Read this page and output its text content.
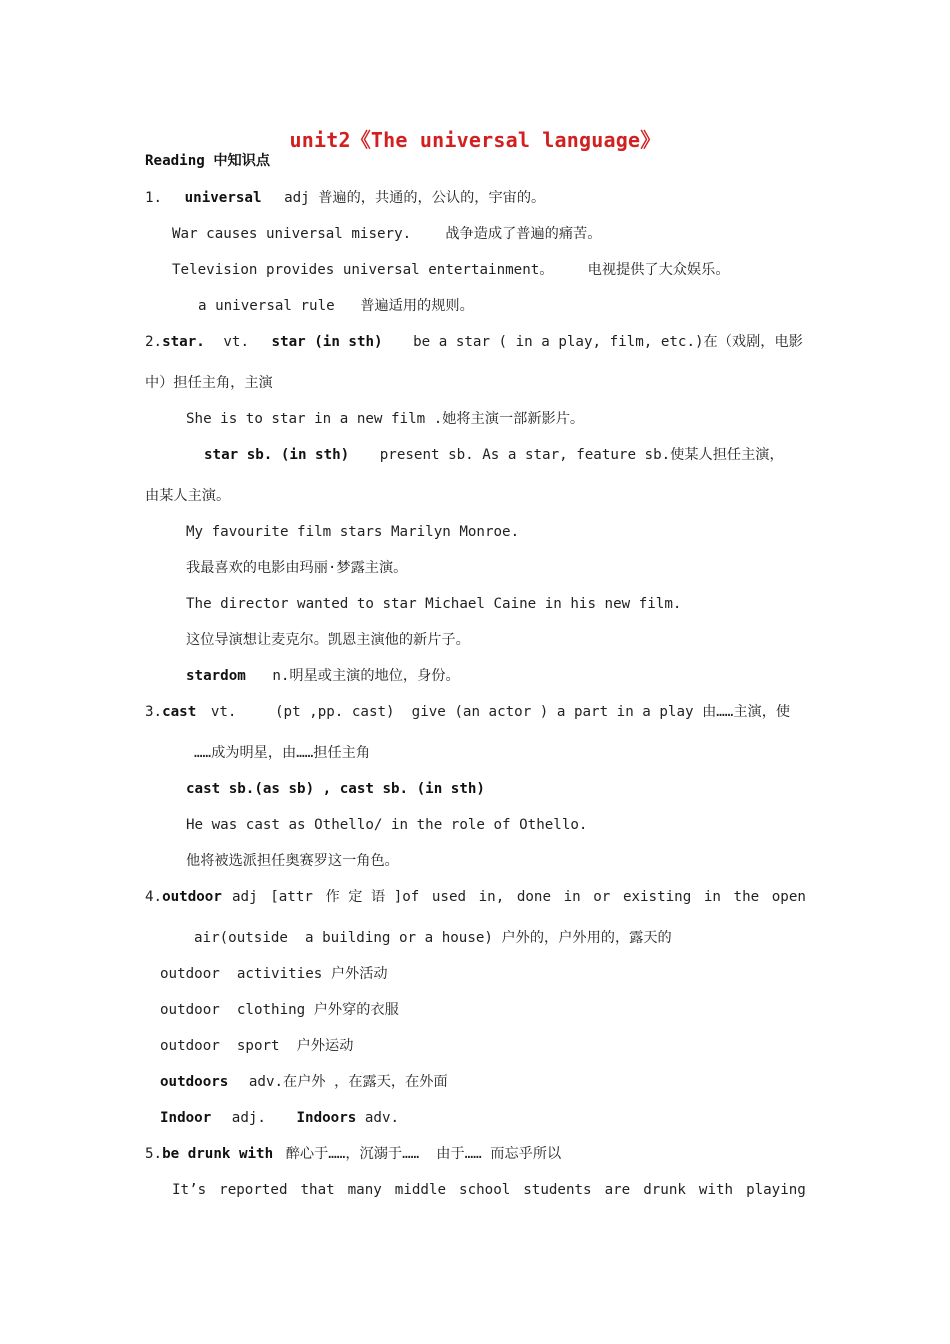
unit2《The universal language》
Reading 中知识点
1. universal adj 普遍的，共通的，公认的，宇宙的。
War causes universal misery.    战争造成了普遍的痛苦。
Television provides universal entertainment。    电视提供了大众娱乐。
a universal rule   普遍适用的规则。
2.star. vt. star (in sth) be a star ( in a play, film, etc.)在（戏剧，电影
中）担任主角，主演
She is to star in a new film .她将主演一部新影片。
star sb. (in sth) present sb. As a star, feature sb.使某人担任主演，
由某人主演。
My favourite film stars Marilyn Monroe.
我最喜欢的电影由玛丽·梦露主演。
The director wanted to star Michael Caine in his new film.
这位导演想让麦克尔。凯恩主演他的新片子。
stardom n.明星或主演的地位，身份。
3.cast vt.	(pt ,pp. cast)  give (an actor ) a part in a play 由……主演，使
……成为明星，由……担任主角
cast sb.(as sb) , cast sb. (in sth)
He was cast as Othello/ in the role of Othello.
他将被选派担任奥赛罗这一角色。
4.outdoor adj [attr 作 定 语 ]of used in, done in or existing in the open
air(outside  a building or a house) 户外的，户外用的，露天的
outdoor  activities 户外活动
outdoor  clothing 户外穿的衣服
outdoor  sport  户外运动
outdoors adv.在户外 ，在露天，在外面
Indoor adj. Indoors adv.
5.be drunk with 醉心于……，沉溺于……  由于…… 而忘乎所以
It’s reported that many middle school students are drunk with playing
